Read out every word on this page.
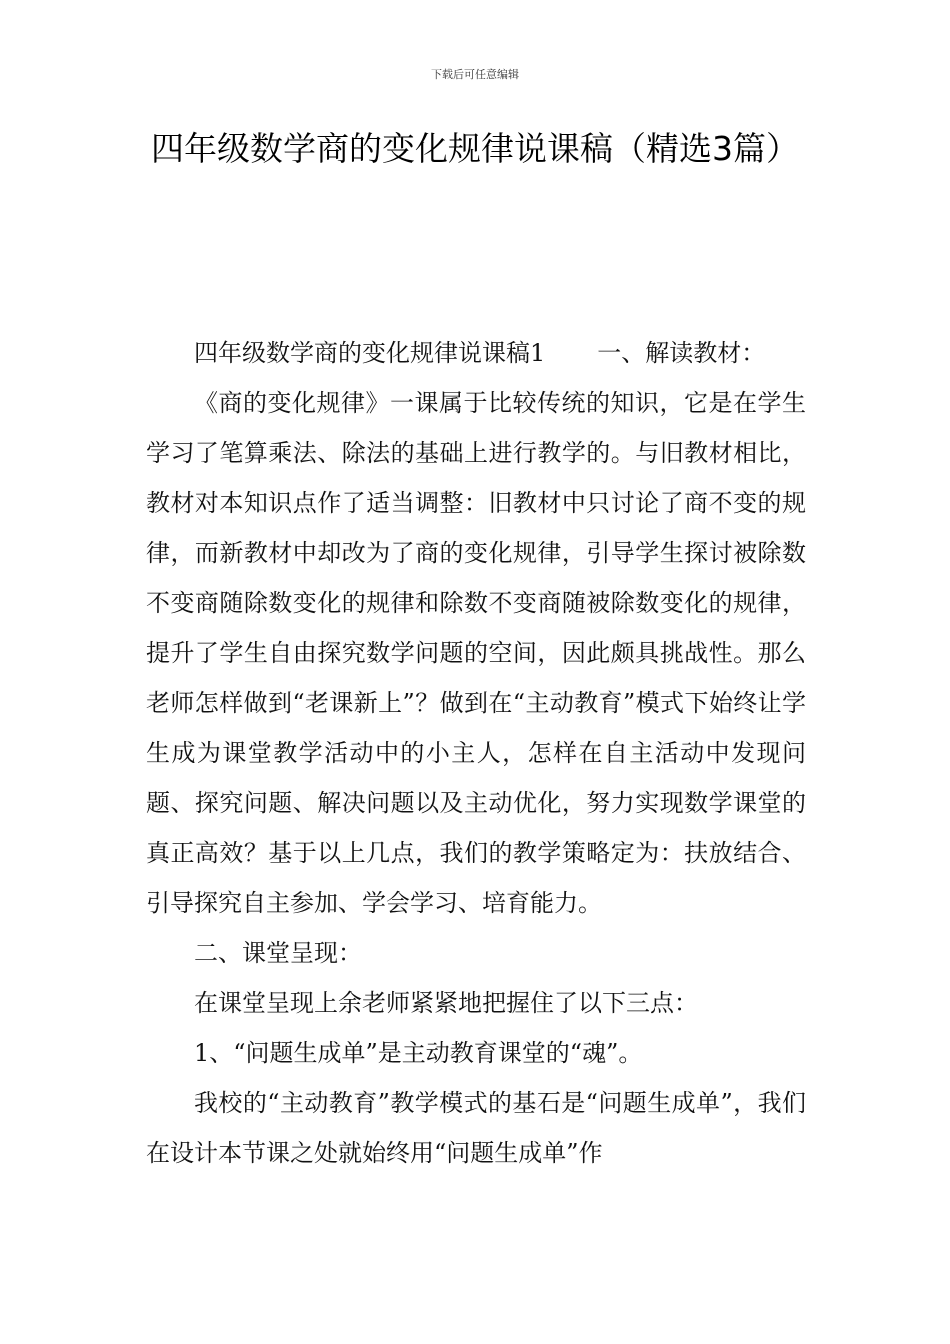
下载后可任意编辑
四年级数学商的变化规律说课稿（精选3篇）

四年级数学商的变化规律说课稿1 一、解读教材：

《商的变化规律》一课属于比较传统的知识，它是在学生学习了笔算乘法、除法的基础上进行教学的。与旧教材相比，教材对本知识点作了适当调整：旧教材中只讨论了商不变的规律，而新教材中却改为了商的变化规律，引导学生探讨被除数不变商随除数变化的规律和除数不变商随被除数变化的规律，提升了学生自由探究数学问题的空间，因此颇具挑战性。那么老师怎样做到“老课新上”？做到在“主动教育”模式下始终让学生成为课堂教学活动中的小主人，怎样在自主活动中发现问题、探究问题、解决问题以及主动优化，努力实现数学课堂的真正高效？基于以上几点，我们的教学策略定为：扶放结合、引导探究自主参加、学会学习、培育能力。

二、课堂呈现：

在课堂呈现上余老师紧紧地把握住了以下三点：

1、“问题生成单”是主动教育课堂的“魂”。

我校的“主动教育”教学模式的基石是“问题生成单”，我们在设计本节课之处就始终用“问题生成单”作
